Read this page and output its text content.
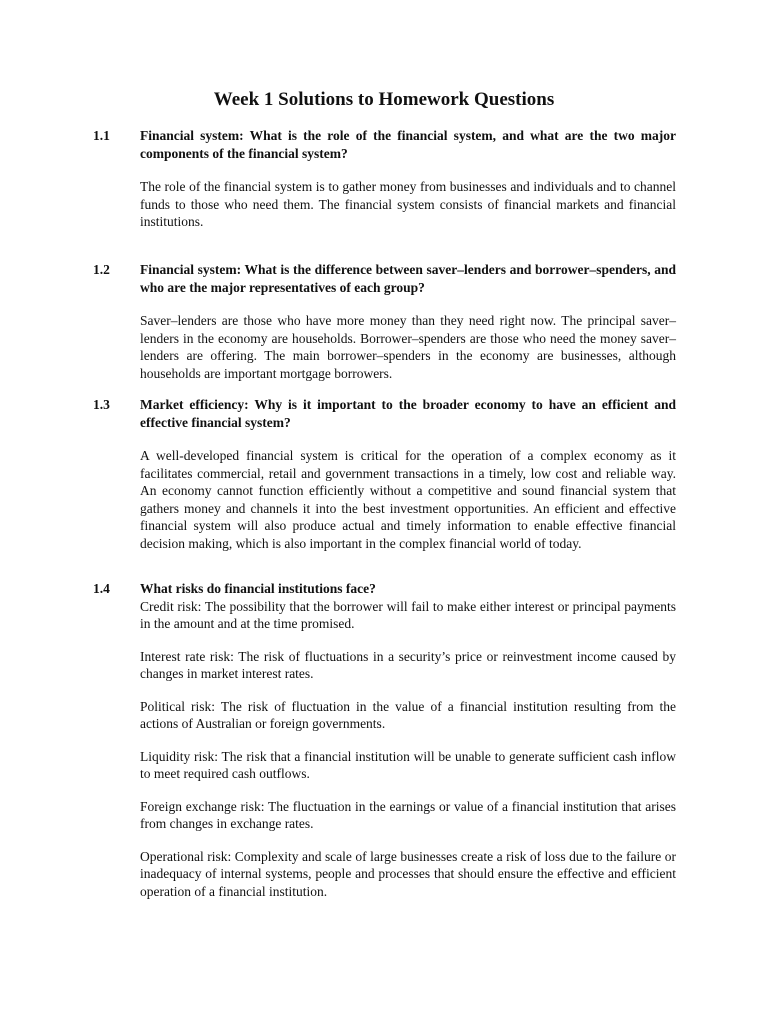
Week 1 Solutions to Homework Questions
1.1 Financial system: What is the role of the financial system, and what are the two major components of the financial system?
The role of the financial system is to gather money from businesses and individuals and to channel funds to those who need them. The financial system consists of financial markets and financial institutions.
1.2 Financial system: What is the difference between saver–lenders and borrower–spenders, and who are the major representatives of each group?
Saver–lenders are those who have more money than they need right now. The principal saver–lenders in the economy are households. Borrower–spenders are those who need the money saver–lenders are offering. The main borrower–spenders in the economy are businesses, although households are important mortgage borrowers.
1.3 Market efficiency: Why is it important to the broader economy to have an efficient and effective financial system?
A well-developed financial system is critical for the operation of a complex economy as it facilitates commercial, retail and government transactions in a timely, low cost and reliable way. An economy cannot function efficiently without a competitive and sound financial system that gathers money and channels it into the best investment opportunities. An efficient and effective financial system will also produce actual and timely information to enable effective financial decision making, which is also important in the complex financial world of today.
1.4 What risks do financial institutions face?
Credit risk: The possibility that the borrower will fail to make either interest or principal payments in the amount and at the time promised.
Interest rate risk: The risk of fluctuations in a security’s price or reinvestment income caused by changes in market interest rates.
Political risk: The risk of fluctuation in the value of a financial institution resulting from the actions of Australian or foreign governments.
Liquidity risk: The risk that a financial institution will be unable to generate sufficient cash inflow to meet required cash outflows.
Foreign exchange risk: The fluctuation in the earnings or value of a financial institution that arises from changes in exchange rates.
Operational risk: Complexity and scale of large businesses create a risk of loss due to the failure or inadequacy of internal systems, people and processes that should ensure the effective and efficient operation of a financial institution.
